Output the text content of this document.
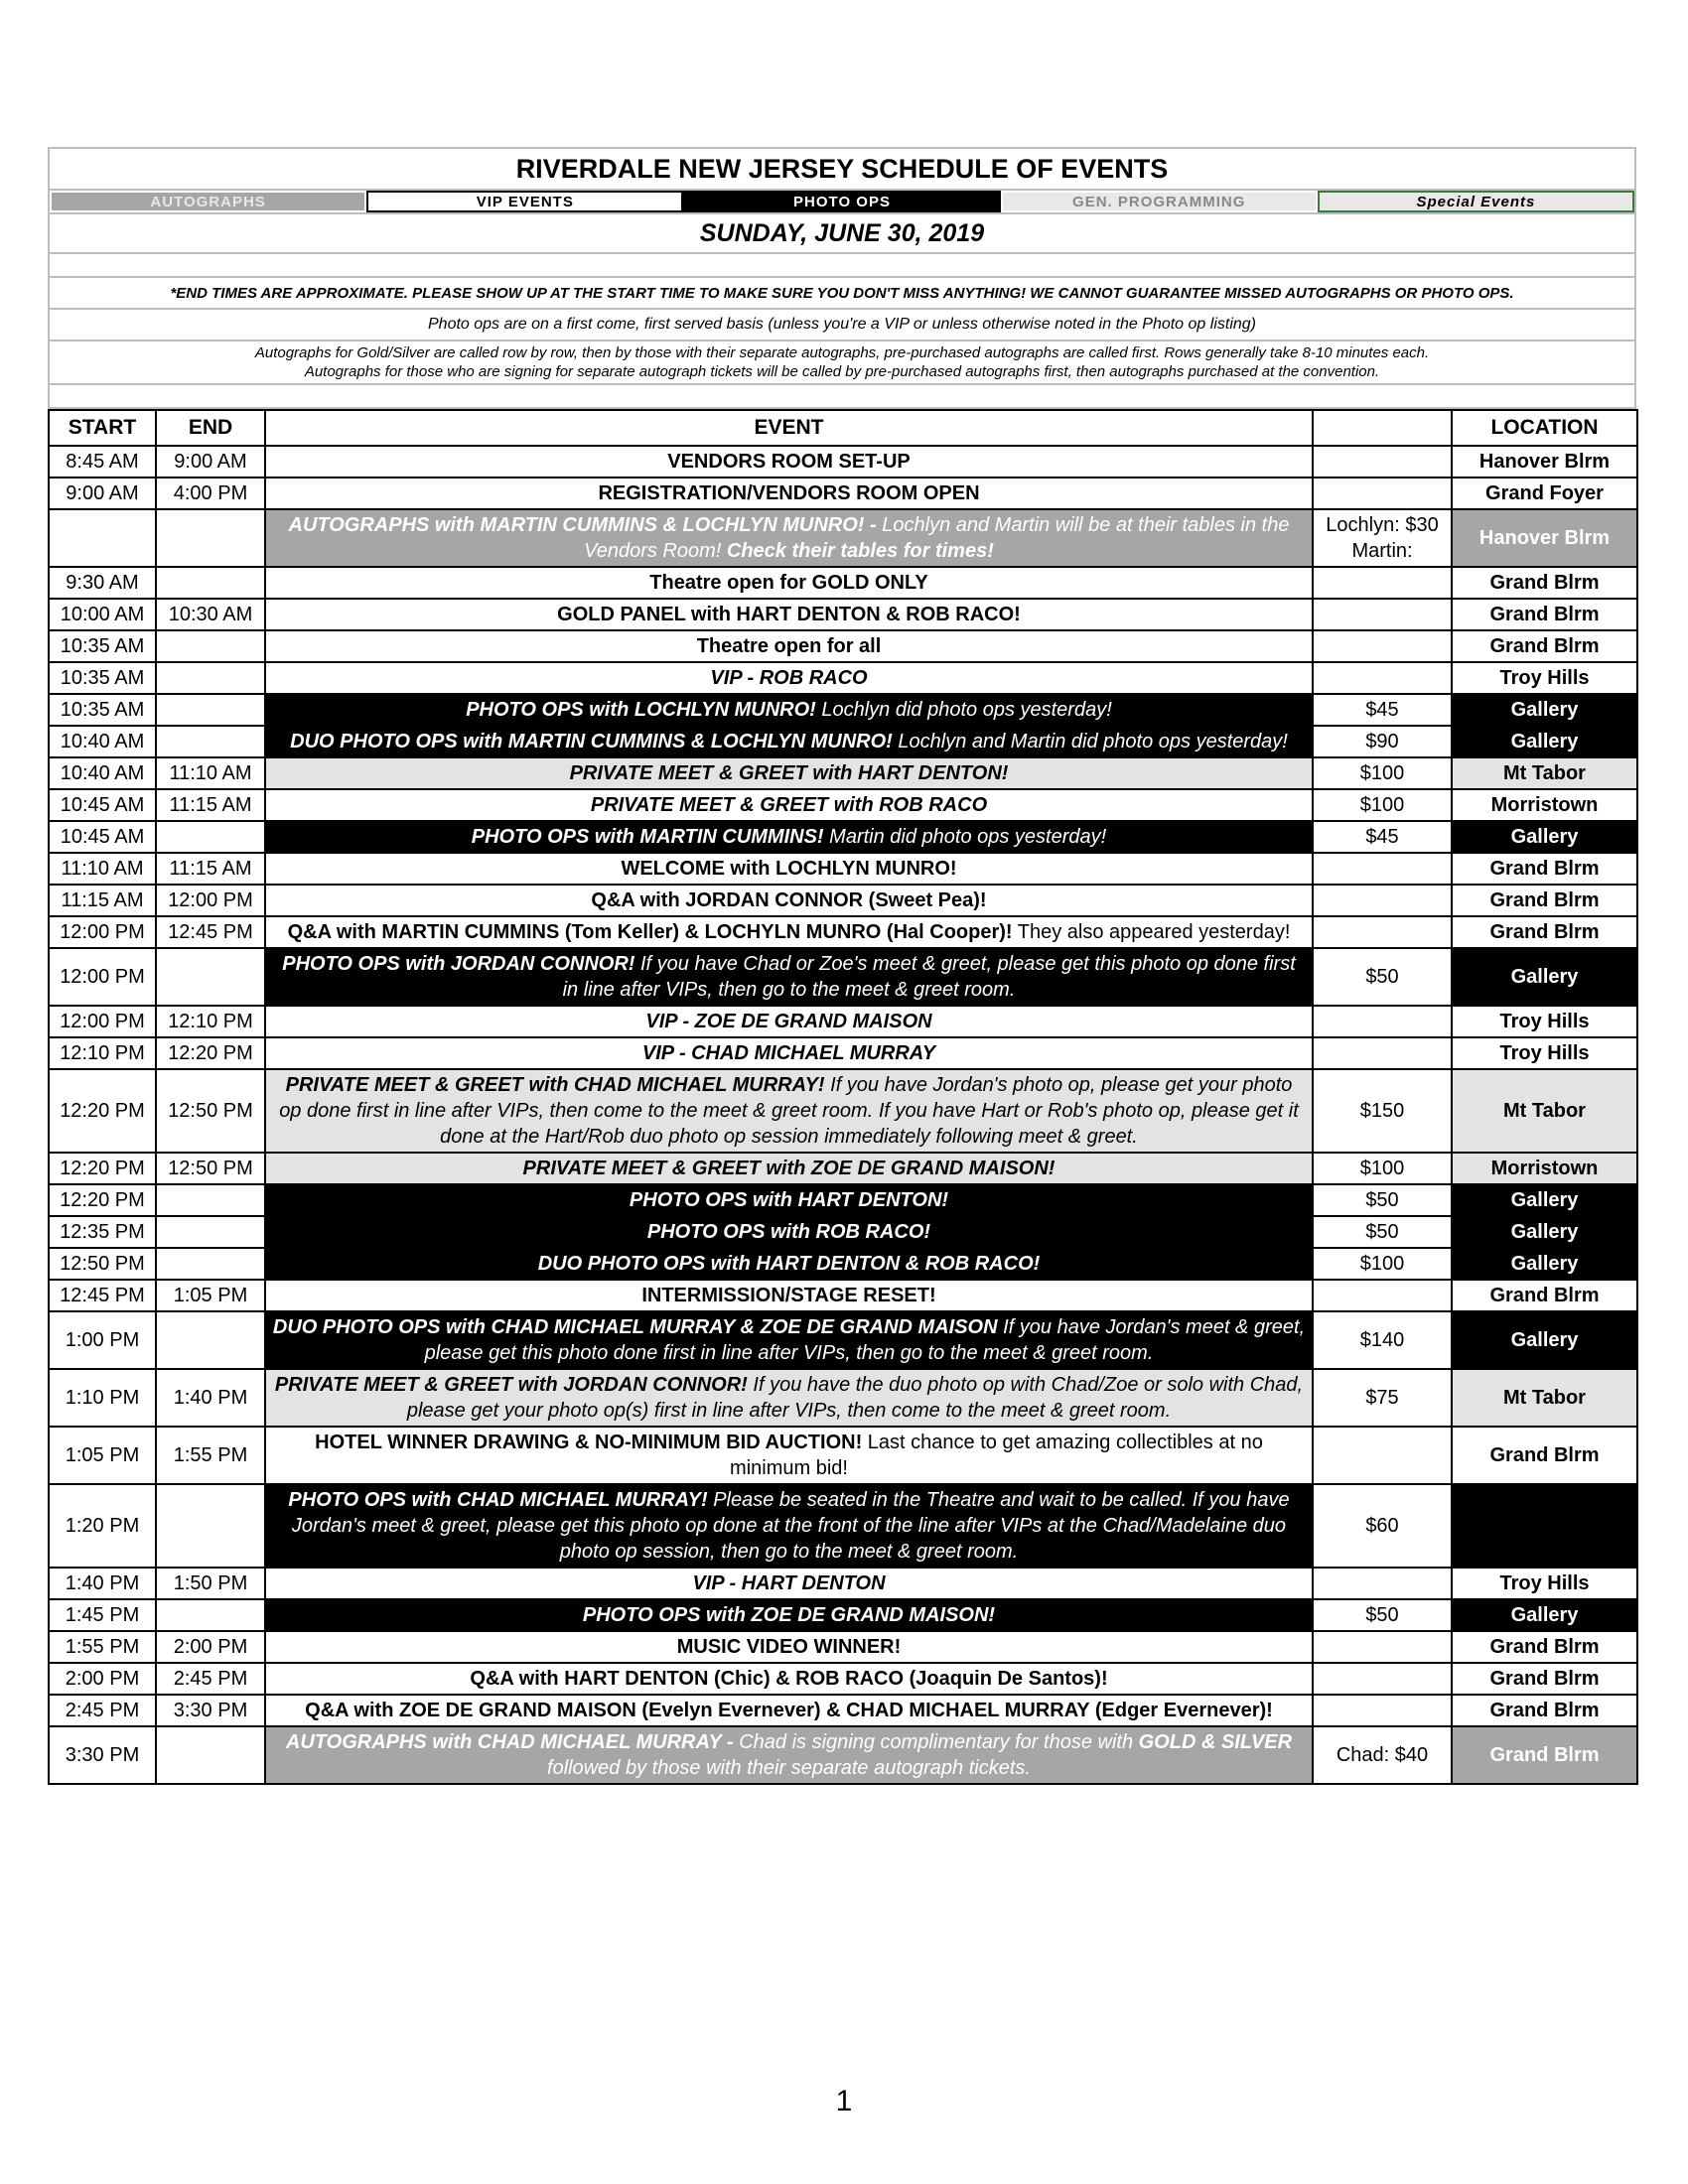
RIVERDALE NEW JERSEY SCHEDULE OF EVENTS

AUTOGRAPHS	VIP EVENTS	PHOTO OPS	GEN. PROGRAMMING	Special Events

SUNDAY, JUNE 30, 2019

*END TIMES ARE APPROXIMATE. PLEASE SHOW UP AT THE START TIME TO MAKE SURE YOU DON'T MISS ANYTHING! WE CANNOT GUARANTEE MISSED AUTOGRAPHS OR PHOTO OPS.
Photo ops are on a first come, first served basis (unless you're a VIP or unless otherwise noted in the Photo op listing)

Autographs for Gold/Silver are called row by row, then by those with their separate autographs, pre-purchased autographs are called first. Rows generally take 8-10 minutes each.
Autographs for those who are signing for separate autograph tickets will be called by pre-purchased autographs first, then autographs purchased at the convention.

START	END	EVENT		LOCATION
8:45 AM	9:00 AM	VENDORS ROOM SET-UP		Hanover Blrm
9:00 AM	4:00 PM	REGISTRATION/VENDORS ROOM OPEN		Grand Foyer
		AUTOGRAPHS with MARTIN CUMMINS & LOCHLYN MUNRO! - Lochlyn and Martin will be at their tables in the Vendors Room! Check their tables for times!	Lochlyn: $30 Martin:	Hanover Blrm
9:30 AM		Theatre open for GOLD ONLY		Grand Blrm
10:00 AM	10:30 AM	GOLD PANEL with HART DENTON & ROB RACO!		Grand Blrm
10:35 AM		Theatre open for all		Grand Blrm
10:35 AM		VIP - ROB RACO		Troy Hills
10:35 AM		PHOTO OPS with LOCHLYN MUNRO! Lochlyn did photo ops yesterday!	$45	Gallery
10:40 AM		DUO PHOTO OPS with MARTIN CUMMINS & LOCHLYN MUNRO! Lochlyn and Martin did photo ops yesterday!	$90	Gallery
10:40 AM	11:10 AM	PRIVATE MEET & GREET with HART DENTON!	$100	Mt Tabor
10:45 AM	11:15 AM	PRIVATE MEET & GREET with ROB RACO	$100	Morristown
10:45 AM		PHOTO OPS with MARTIN CUMMINS! Martin did photo ops yesterday!	$45	Gallery
11:10 AM	11:15 AM	WELCOME with LOCHLYN MUNRO!		Grand Blrm
11:15 AM	12:00 PM	Q&A with JORDAN CONNOR (Sweet Pea)!		Grand Blrm
12:00 PM	12:45 PM	Q&A with MARTIN CUMMINS (Tom Keller) & LOCHYLN MUNRO (Hal Cooper)! They also appeared yesterday!		Grand Blrm
12:00 PM		PHOTO OPS with JORDAN CONNOR! If you have Chad or Zoe's meet & greet, please get this photo op done first in line after VIPs, then go to the meet & greet room.	$50	Gallery
12:00 PM	12:10 PM	VIP - ZOE DE GRAND MAISON		Troy Hills
12:10 PM	12:20 PM	VIP - CHAD MICHAEL MURRAY		Troy Hills
12:20 PM	12:50 PM	PRIVATE MEET & GREET with CHAD MICHAEL MURRAY! If you have Jordan's photo op, please get your photo op done first in line after VIPs, then come to the meet & greet room. If you have Hart or Rob's photo op, please get it done at the Hart/Rob duo photo op session immediately following meet & greet.	$150	Mt Tabor
12:20 PM	12:50 PM	PRIVATE MEET & GREET with ZOE DE GRAND MAISON!	$100	Morristown
12:20 PM		PHOTO OPS with HART DENTON!	$50	Gallery
12:35 PM		PHOTO OPS with ROB RACO!	$50	Gallery
12:50 PM		DUO PHOTO OPS with HART DENTON & ROB RACO!	$100	Gallery
12:45 PM	1:05 PM	INTERMISSION/STAGE RESET!		Grand Blrm
1:00 PM		DUO PHOTO OPS with CHAD MICHAEL MURRAY & ZOE DE GRAND MAISON If you have Jordan's meet & greet, please get this photo done first in line after VIPs, then go to the meet & greet room.	$140	Gallery
1:10 PM	1:40 PM	PRIVATE MEET & GREET with JORDAN CONNOR! If you have the duo photo op with Chad/Zoe or solo with Chad, please get your photo op(s) first in line after VIPs, then come to the meet & greet room.	$75	Mt Tabor
1:05 PM	1:55 PM	HOTEL WINNER DRAWING & NO-MINIMUM BID AUCTION! Last chance to get amazing collectibles at no minimum bid!		Grand Blrm
1:20 PM		PHOTO OPS with CHAD MICHAEL MURRAY! Please be seated in the Theatre and wait to be called. If you have Jordan's meet & greet, please get this photo op done at the front of the line after VIPs at the Chad/Madelaine duo photo op session, then go to the meet & greet room.	$60	
1:40 PM	1:50 PM	VIP - HART DENTON		Troy Hills
1:45 PM		PHOTO OPS with ZOE DE GRAND MAISON!	$50	Gallery
1:55 PM	2:00 PM	MUSIC VIDEO WINNER!		Grand Blrm
2:00 PM	2:45 PM	Q&A with HART DENTON (Chic) & ROB RACO (Joaquin De Santos)!		Grand Blrm
2:45 PM	3:30 PM	Q&A with ZOE DE GRAND MAISON (Evelyn Evernever) & CHAD MICHAEL MURRAY (Edger Evernever)!		Grand Blrm
3:30 PM		AUTOGRAPHS with CHAD MICHAEL MURRAY - Chad is signing complimentary for those with GOLD & SILVER followed by those with their separate autograph tickets.	Chad: $40	Grand Blrm
1
